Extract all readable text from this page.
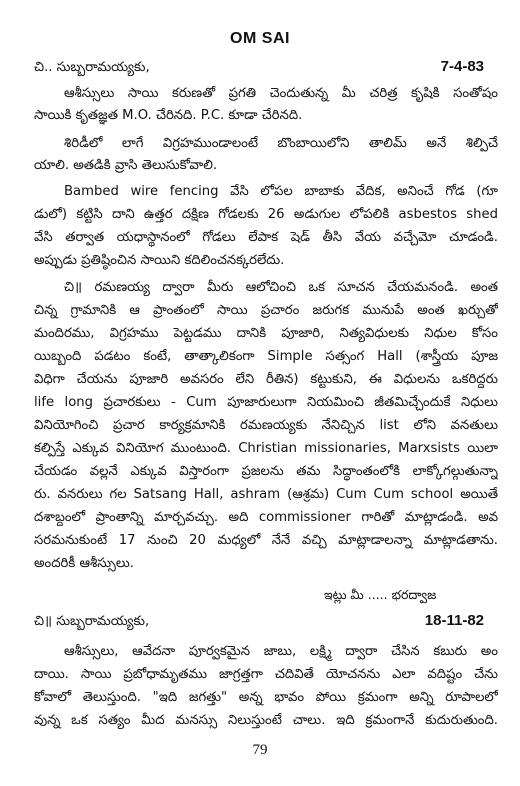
OM SAI
చి.. సుబ్బరామయ్యకు,	7-4-83
ఆశీస్సులు సాయి కరుణతో ప్రగతి చెందుతున్న మీ చరిత్ర కృషికి సంతోషం
సాయికి కృతజ్ఞత M.O. చేరినది. P.C. కూడా చేరినది.
శిరిడీలో లాగే విగ్రహముండాలంటే బొంబాయిలోని తాలిమ్ అనే శిల్పిచే
యాలి. అతడికి వ్రాసి తెలుసుకోవాలి.
Bambed wire fencing వేసి లోపల బాబాకు వేదిక, అనించే గోడ (గూ
డులో) కట్టిసి దాని ఉత్తర దక్షిణ గోడలకు 26 అడుగుల లోపలికి asbestos shed
వేసి తర్వాత యధాస్థానంలో గోడలు లేపాక షెడ్ తీసి వేయ వచ్చేమో చూడండి.
అప్పుడు ప్రతిష్ఠించిన సాయిని కదిలించనక్కరలేదు.
చి॥ రమణయ్య ద్వారా మీరు ఆలోచించి ఒక సూచన చేయమనండి. అంత
చిన్న గ్రామానికి ఆ ప్రాంతంలో సాయి ప్రచారం జరుగక మునుపే అంత ఖర్చుతో
మందిరము, విగ్రహము పెట్టడము దానికి పూజారి, నిత్యవిధులకు నిధుల కోసం
యిబ్బంది పడటం కంటే, తాత్కాలికంగా Simple సత్సంగ Hall (శాస్త్రీయ పూజ
విధిగా చేయను పూజారి అవసరం లేని రీతిన) కట్టుకుని, ఈ విధులను ఒకరిద్దరు
life long ప్రచారకులు - Cum పూజారులుగా నియమించి జీతమిచ్చేందుకే నిధులు
వినియోగించి ప్రచార కార్యక్రమానికి రమణయ్యకు నేనిచ్చిన list లోని వనతులు
కల్పిస్తే ఎక్కువ వినియోగ ముంటుంది. Christian missionaries, Marxsists యిలా
చేయడం వల్లనే ఎక్కువ విస్తారంగా ప్రజలను తమ సిద్ధాంతంలోకి లాక్కోగల్గుతున్నా
రు. వనరులు గల Satsang Hall, ashram (ఆశ్రమ) Cum Cum school అయితే
దశాబ్దంలో ప్రాంతాన్ని మార్చవచ్చు. అది commissioner గారితో మాట్లాడండి. అవ
సరమనుకుంటే 17 నుంచి 20 మధ్యలో నేనే వచ్చి మాట్లాడాలన్నా మాట్లాడతాను.
అందరికీ ఆశీస్సులు.
ఇట్లు మీ ..... భరద్వాజ
చి॥ సుబ్బరామయ్యకు,	18-11-82
ఆశీస్సులు, ఆవేదనా పూర్వకమైన జాబు, లక్ష్మి ద్వారా చేసిన కబురు అం
దాయి. సాయి ప్రబోధామృతము జాగ్రత్తగా చదివితే యోచనను ఎలా వదిష్టం చేను
కోవాలో తెలుస్తుంది. "ఇది జగత్తు" అన్న భావం పోయి క్రమంగా అన్ని రూపాలలో
వున్న ఒక సత్యం మీద మనస్సు నిలుస్తుంటే చాలు. ఇది క్రమంగానే కుదురుతుంది.
79
